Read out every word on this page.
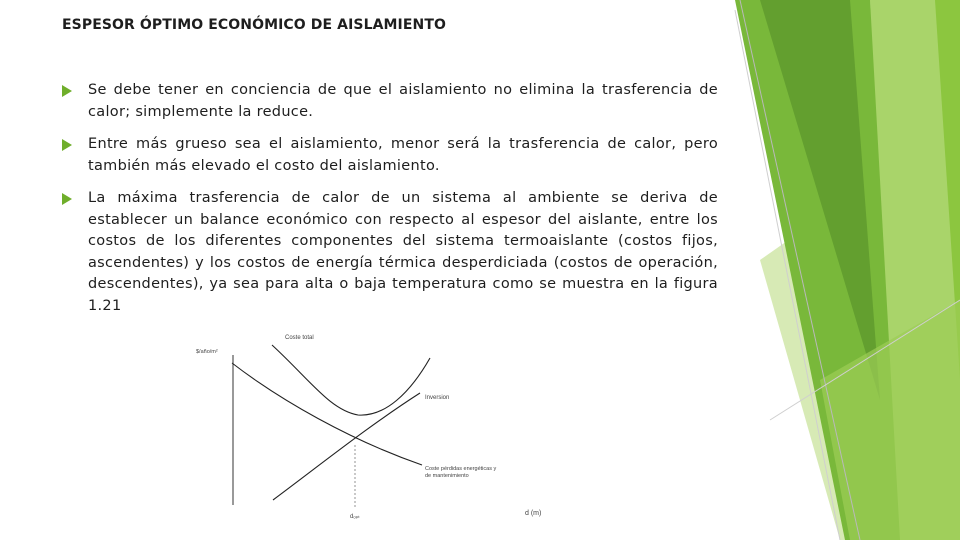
ESPESOR ÓPTIMO ECONÓMICO DE AISLAMIENTO
Se debe tener en conciencia de que el aislamiento no elimina la trasferencia de calor; simplemente la reduce.
Entre más grueso sea el aislamiento, menor será la trasferencia de calor, pero también más elevado el costo del aislamiento.
La máxima trasferencia de calor de un sistema al ambiente se deriva de establecer un balance económico con respecto al espesor del aislante, entre los costos de los diferentes componentes del sistema termoaislante (costos fijos, ascendentes) y los costos de energía térmica desperdiciada (costos de operación, descendentes), ya sea para alta o baja temperatura como se muestra en la figura 1.21
$/año/m²
Coste total
Inversion
Coste pérdidas energéticas y
de mantenimiento
dₒₚₜ	d (m)
